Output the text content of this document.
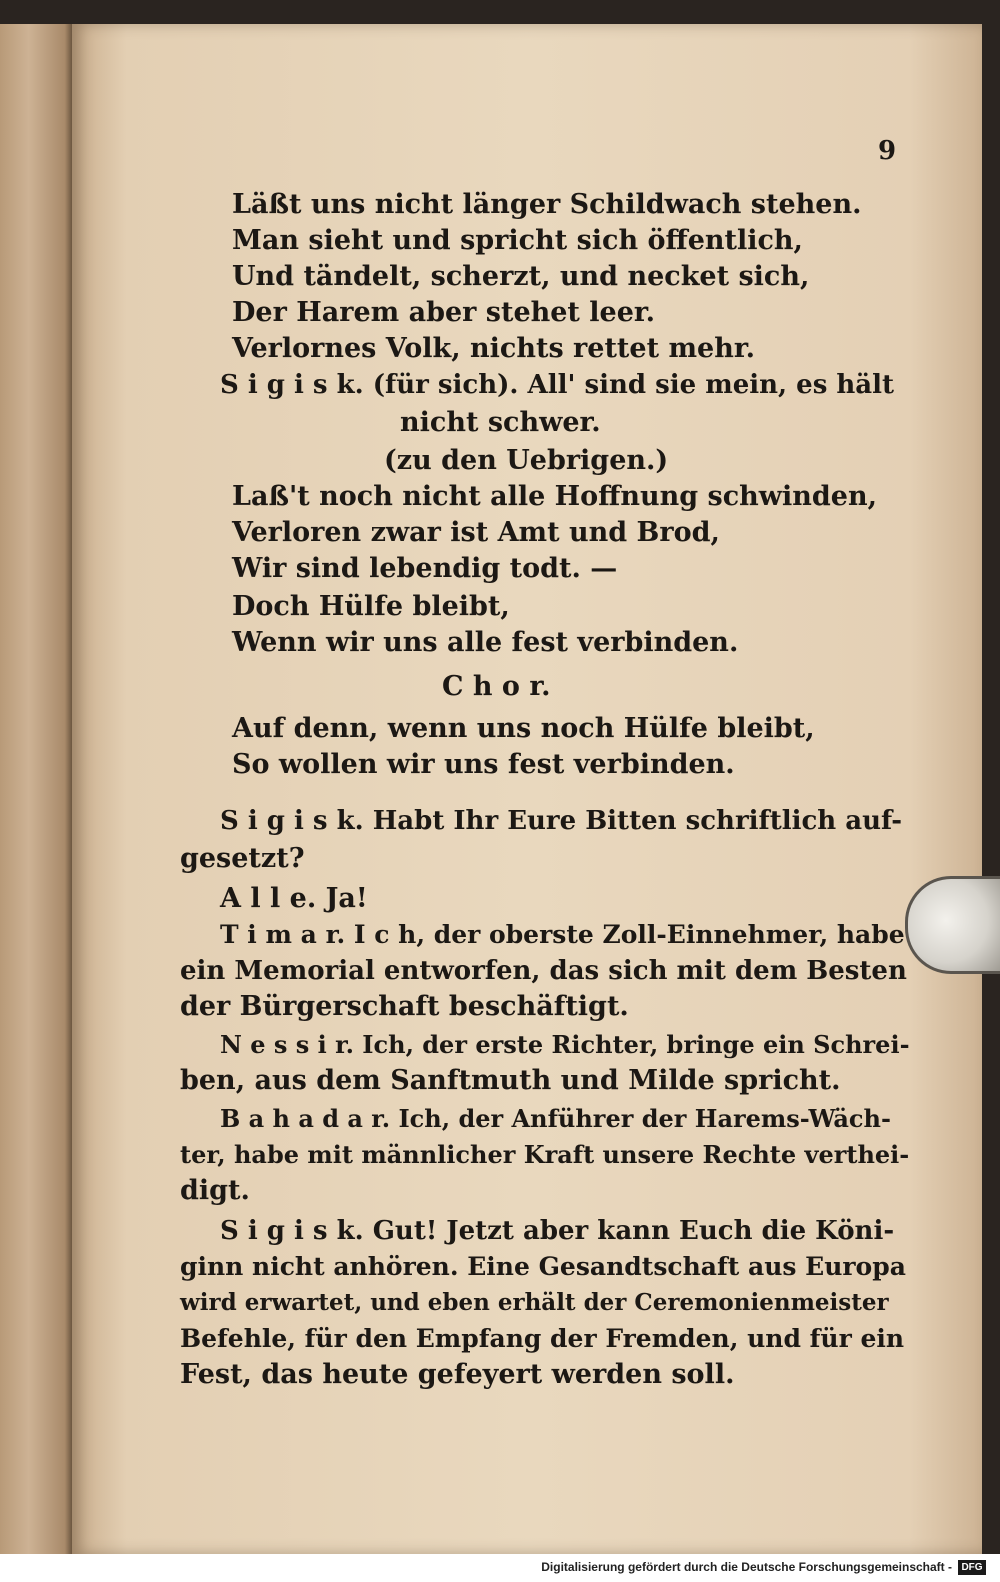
9
Läßt uns nicht länger Schildwach stehen.
Man sieht und spricht sich öffentlich,
Und tändelt, scherzt, und necket sich,
Der Harem aber stehet leer.
Verlornes Volk, nichts rettet mehr.
S i g i s k. (für sich). All' sind sie mein, es hält
nicht schwer.
(zu den Uebrigen.)
Laß't noch nicht alle Hoffnung schwinden,
Verloren zwar ist Amt und Brod,
Wir sind lebendig todt. —
Doch Hülfe bleibt,
Wenn wir uns alle fest verbinden.
C h o r.
Auf denn, wenn uns noch Hülfe bleibt,
So wollen wir uns fest verbinden.
S i g i s k. Habt Ihr Eure Bitten schriftlich auf-
gesetzt?
A l l e. Ja!
T i m a r. I c h, der oberste Zoll-Einnehmer, habe
ein Memorial entworfen, das sich mit dem Besten
der Bürgerschaft beschäftigt.
N e s s i r. Ich, der erste Richter, bringe ein Schrei-
ben, aus dem Sanftmuth und Milde spricht.
B a h a d a r. Ich, der Anführer der Harems-Wäch-
ter, habe mit männlicher Kraft unsere Rechte verthei-
digt.
S i g i s k. Gut! Jetzt aber kann Euch die Köni-
ginn nicht anhören. Eine Gesandtschaft aus Europa
wird erwartet, und eben erhält der Ceremonienmeister
Befehle, für den Empfang der Fremden, und für ein
Fest, das heute gefeyert werden soll.
Digitalisierung gefördert durch die Deutsche Forschungsgemeinschaft - DFG
